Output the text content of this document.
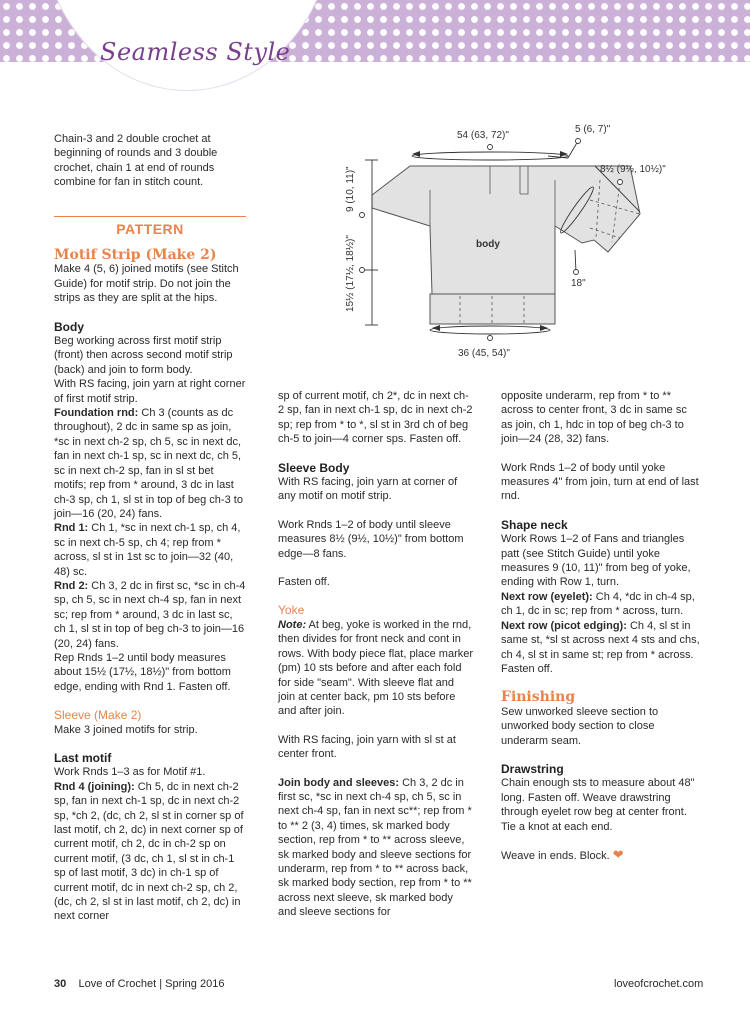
Seamless Style
54 (63, 72)"
5 (6, 7)"
8½ (9½, 10½)"
body
18"
36 (45, 54)"
9 (10, 11)"
15½ (17½, 18½)"

Chain-3 and 2 double crochet at beginning of rounds and 3 double crochet, chain 1 at end of rounds combine for fan in stitch count.

PATTERN

Motif Strip (Make 2)

Make 4 (5, 6) joined motifs (see Stitch Guide) for motif strip. Do not join the strips as they are split at the hips.

Body

Beg working across first motif strip (front) then across second motif strip (back) and join to form body.

With RS facing, join yarn at right corner of first motif strip.

Foundation rnd: Ch 3 (counts as dc throughout), 2 dc in same sp as join, *sc in next ch-2 sp, ch 5, sc in next dc, fan in next ch-1 sp, sc in next dc, ch 5, sc in next ch-2 sp, fan in sl st bet motifs; rep from * around, 3 dc in last ch-3 sp, ch 1, sl st in top of beg ch-3 to join—16 (20, 24) fans.

Rnd 1: Ch 1, *sc in next ch-1 sp, ch 4, sc in next ch-5 sp, ch 4; rep from * across, sl st in 1st sc to join—32 (40, 48) sc.

Rnd 2: Ch 3, 2 dc in first sc, *sc in ch-4 sp, ch 5, sc in next ch-4 sp, fan in next sc; rep from * around, 3 dc in last sc, ch 1, sl st in top of beg ch-3 to join—16 (20, 24) fans.

Rep Rnds 1–2 until body measures about 15½ (17½, 18½)" from bottom edge, ending with Rnd 1. Fasten off.

Sleeve (Make 2)

Make 3 joined motifs for strip.

Last motif

Work Rnds 1–3 as for Motif #1.

Rnd 4 (joining): Ch 5, dc in next ch-2 sp, fan in next ch-1 sp, dc in next ch-2 sp, *ch 2, (dc, ch 2, sl st in corner sp of last motif, ch 2, dc) in next corner sp of current motif, ch 2, dc in ch-2 sp on current motif, (3 dc, ch 1, sl st in ch-1 sp of last motif, 3 dc) in ch-1 sp of current motif, dc in next ch-2 sp, ch 2, (dc, ch 2, sl st in last motif, ch 2, dc) in next corner

sp of current motif, ch 2*, dc in next ch-2 sp, fan in next ch-1 sp, dc in next ch-2 sp; rep from * to *, sl st in 3rd ch of beg ch-5 to join—4 corner sps. Fasten off.

Sleeve Body

With RS facing, join yarn at corner of any motif on motif strip.

Work Rnds 1–2 of body until sleeve measures 8½ (9½, 10½)" from bottom edge—8 fans.

Fasten off.

Yoke

Note: At beg, yoke is worked in the rnd, then divides for front neck and cont in rows. With body piece flat, place marker (pm) 10 sts before and after each fold for side "seam". With sleeve flat and join at center back, pm 10 sts before and after join.

With RS facing, join yarn with sl st at center front.

Join body and sleeves: Ch 3, 2 dc in first sc, *sc in next ch-4 sp, ch 5, sc in next ch-4 sp, fan in next sc**; rep from * to ** 2 (3, 4) times, sk marked body section, rep from * to ** across sleeve, sk marked body and sleeve sections for underarm, rep from * to ** across back, sk marked body section, rep from * to ** across next sleeve, sk marked body and sleeve sections for

opposite underarm, rep from * to ** across to center front, 3 dc in same sc as join, ch 1, hdc in top of beg ch-3 to join—24 (28, 32) fans.

Work Rnds 1–2 of body until yoke measures 4" from join, turn at end of last rnd.

Shape neck

Work Rows 1–2 of Fans and triangles patt (see Stitch Guide) until yoke measures 9 (10, 11)" from beg of yoke, ending with Row 1, turn.

Next row (eyelet): Ch 4, *dc in ch-4 sp, ch 1, dc in sc; rep from * across, turn.

Next row (picot edging): Ch 4, sl st in same st, *sl st across next 4 sts and chs, ch 4, sl st in same st; rep from * across. Fasten off.

Finishing

Sew unworked sleeve section to unworked body section to close underarm seam.

Drawstring

Chain enough sts to measure about 48" long. Fasten off. Weave drawstring through eyelet row beg at center front. Tie a knot at each end.

Weave in ends. Block. ❤

30 Love of Crochet | Spring 2016	loveofcrochet.com
